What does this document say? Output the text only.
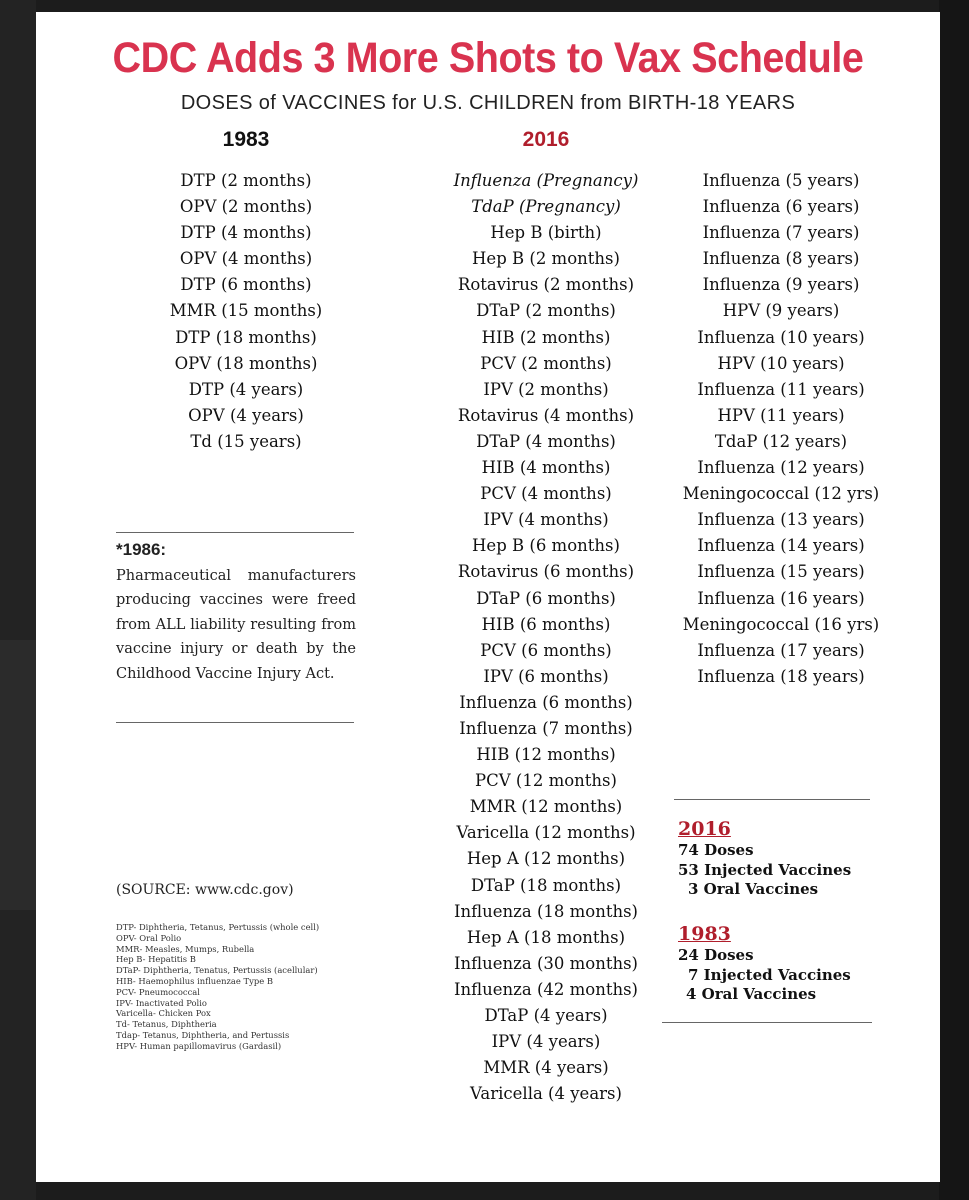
CDC Adds 3 More Shots to Vax Schedule
DOSES of VACCINES for U.S. CHILDREN from BIRTH-18 YEARS
1983	2016
DTP (2 months)
OPV (2 months)
DTP (4 months)
OPV (4 months)
DTP (6 months)
MMR (15 months)
DTP (18 months)
OPV (18 months)
DTP (4 years)
OPV (4 years)
Td (15 years)
Influenza (Pregnancy)
TdaP (Pregnancy)
Hep B (birth)
Hep B (2 months)
Rotavirus (2 months)
DTaP (2 months)
HIB (2 months)
PCV (2 months)
IPV (2 months)
Rotavirus (4 months)
DTaP (4 months)
HIB (4 months)
PCV (4 months)
IPV (4 months)
Hep B (6 months)
Rotavirus (6 months)
DTaP (6 months)
HIB (6 months)
PCV (6 months)
IPV (6 months)
Influenza (6 months)
Influenza (7 months)
HIB (12 months)
PCV (12 months)
MMR (12 months)
Varicella (12 months)
Hep A (12 months)
DTaP (18 months)
Influenza (18 months)
Hep A (18 months)
Influenza (30 months)
Influenza (42 months)
DTaP (4 years)
IPV (4 years)
MMR (4 years)
Varicella (4 years)
Influenza (5 years)
Influenza (6 years)
Influenza (7 years)
Influenza (8 years)
Influenza (9 years)
HPV (9 years)
Influenza (10 years)
HPV (10 years)
Influenza (11 years)
HPV (11 years)
TdaP (12 years)
Influenza (12 years)
Meningococcal (12 yrs)
Influenza (13 years)
Influenza (14 years)
Influenza (15 years)
Influenza (16 years)
Meningococcal (16 yrs)
Influenza (17 years)
Influenza (18 years)
*1986:
Pharmaceutical manufacturers producing vaccines were freed from ALL liability resulting from vaccine injury or death by the Childhood Vaccine Injury Act.
(SOURCE: www.cdc.gov)
DTP- Diphtheria, Tetanus, Pertussis (whole cell)
OPV- Oral Polio
MMR- Measles, Mumps, Rubella
Hep B- Hepatitis B
DTaP- Diphtheria, Tenatus, Pertussis (acellular)
HIB- Haemophilus influenzae Type B
PCV- Pneumococcal
IPV- Inactivated Polio
Varicella- Chicken Pox
Td- Tetanus, Diphtheria
Tdap- Tetanus, Diphtheria, and Pertussis
HPV- Human papillomavirus (Gardasil)
2016
74 Doses
53 Injected Vaccines
3 Oral Vaccines
1983
24 Doses
7 Injected Vaccines
4 Oral Vaccines
